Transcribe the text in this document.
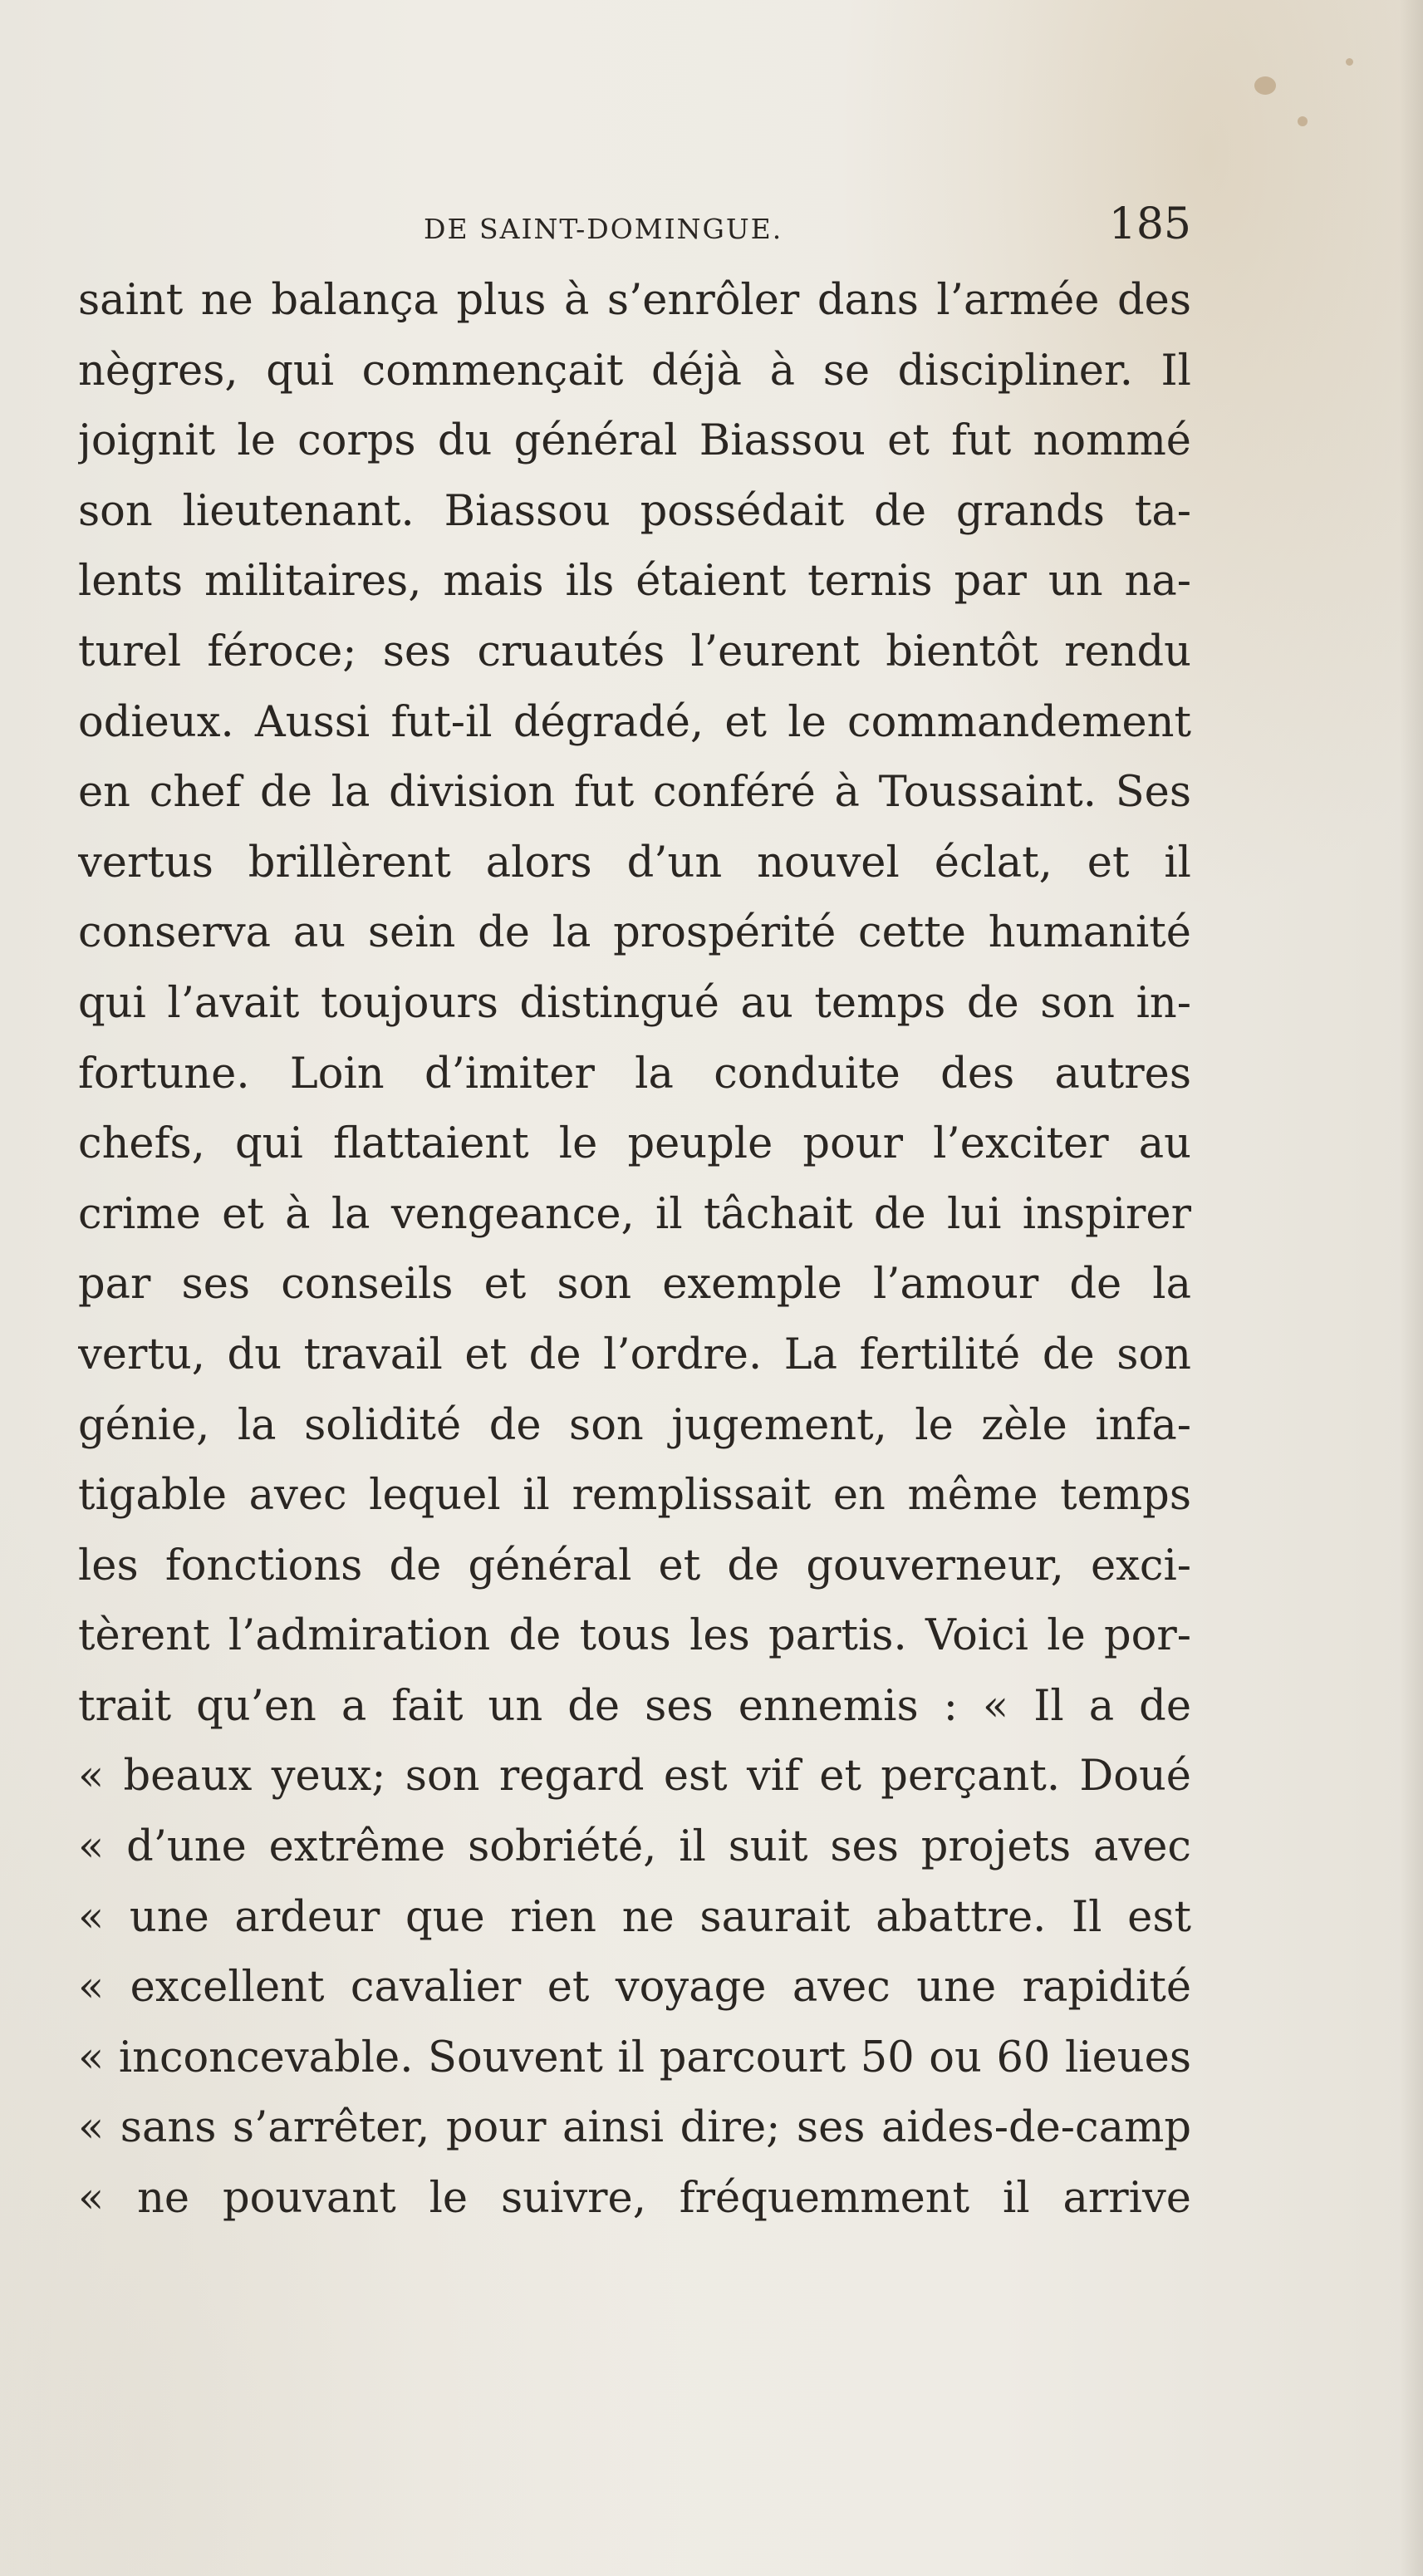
DE SAINT-DOMINGUE.	185
saint ne balança plus à s’enrôler dans l’armée des
nègres, qui commençait déjà à se discipliner. Il
joignit le corps du général Biassou et fut nommé
son lieutenant. Biassou possédait de grands ta-
lents militaires, mais ils étaient ternis par un na-
turel féroce; ses cruautés l’eurent bientôt rendu
odieux. Aussi fut-il dégradé, et le commandement
en chef de la division fut conféré à Toussaint. Ses
vertus brillèrent alors d’un nouvel éclat, et il
conserva au sein de la prospérité cette humanité
qui l’avait toujours distingué au temps de son in-
fortune. Loin d’imiter la conduite des autres
chefs, qui flattaient le peuple pour l’exciter au
crime et à la vengeance, il tâchait de lui inspirer
par ses conseils et son exemple l’amour de la
vertu, du travail et de l’ordre. La fertilité de son
génie, la solidité de son jugement, le zèle infa-
tigable avec lequel il remplissait en même temps
les fonctions de général et de gouverneur, exci-
tèrent l’admiration de tous les partis. Voici le por-
trait qu’en a fait un de ses ennemis : « Il a de
« beaux yeux; son regard est vif et perçant. Doué
« d’une extrême sobriété, il suit ses projets avec
« une ardeur que rien ne saurait abattre. Il est
« excellent cavalier et voyage avec une rapidité
« inconcevable. Souvent il parcourt 50 ou 60 lieues
« sans s’arrêter, pour ainsi dire; ses aides-de-camp
« ne pouvant le suivre, fréquemment il arrive
